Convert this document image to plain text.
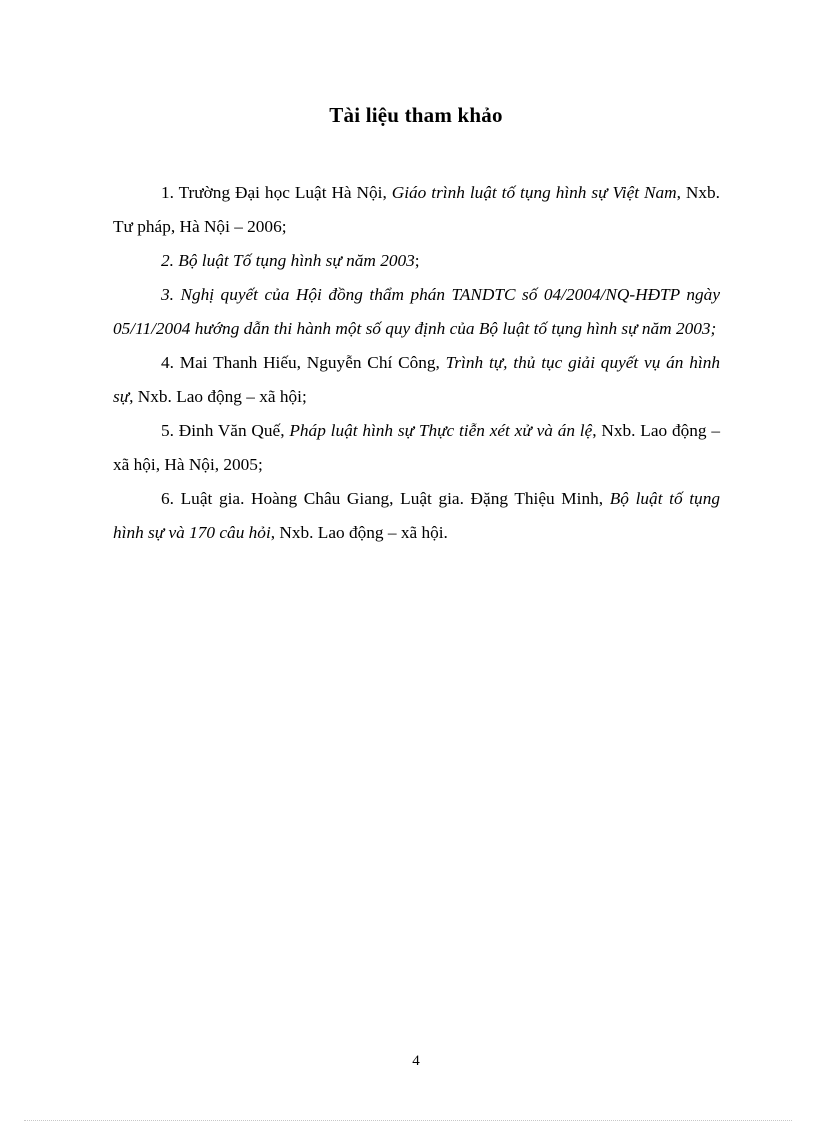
Tài liệu tham khảo

1. Trường Đại học Luật Hà Nội, Giáo trình luật tố tụng hình sự Việt Nam, Nxb. Tư pháp, Hà Nội – 2006;

2. Bộ luật Tố tụng hình sự năm 2003;

3. Nghị quyết của Hội đồng thẩm phán TANDTC số 04/2004/NQ-HĐTP ngày 05/11/2004 hướng dẫn thi hành một số quy định của Bộ luật tố tụng hình sự năm 2003;

4. Mai Thanh Hiếu, Nguyễn Chí Công, Trình tự, thủ tục giải quyết vụ án hình sự, Nxb. Lao động – xã hội;

5. Đinh Văn Quế, Pháp luật hình sự Thực tiễn xét xử và án lệ, Nxb. Lao động – xã hội, Hà Nội, 2005;

6. Luật gia. Hoàng Châu Giang, Luật gia. Đặng Thiệu Minh, Bộ luật tố tụng hình sự và 170 câu hỏi, Nxb. Lao động – xã hội.

4
